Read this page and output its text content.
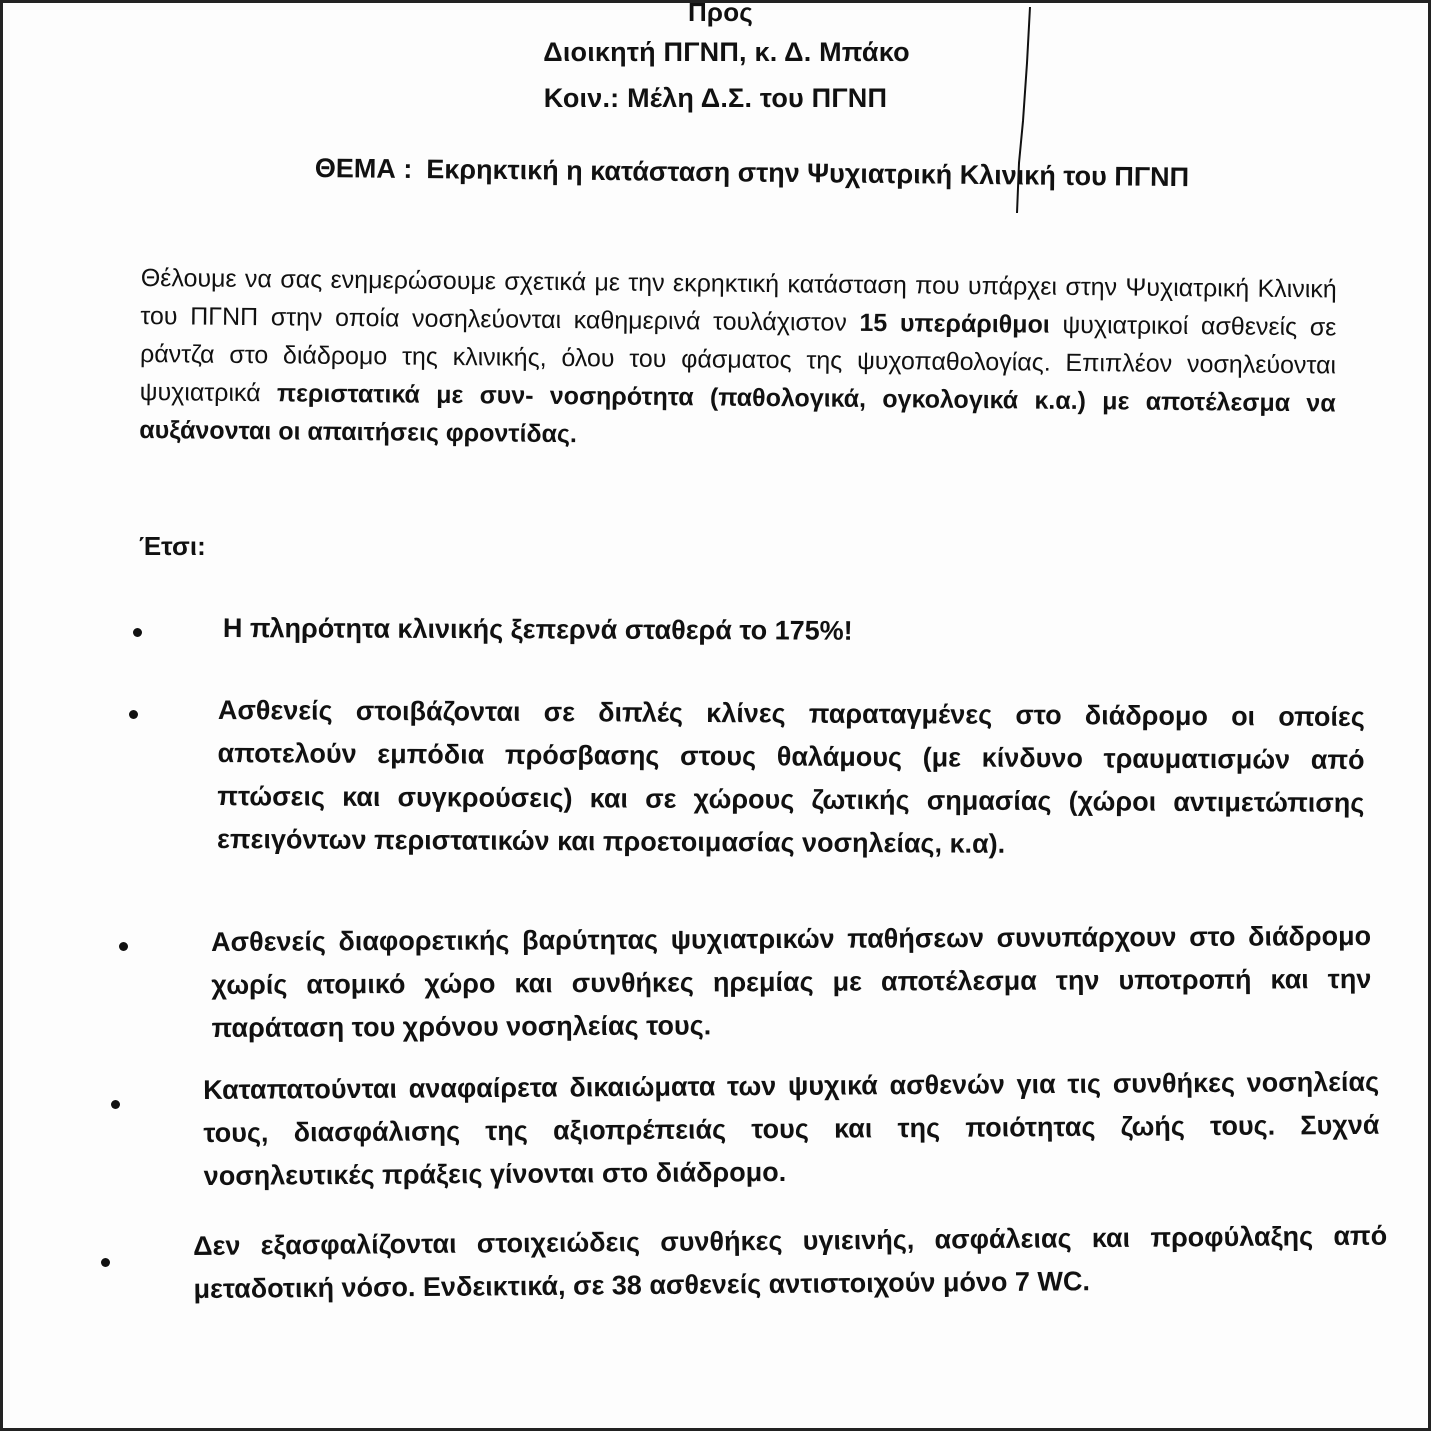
Προς
Διοικητή ΠΓΝΠ, κ. Δ. Μπάκο
Κοιν.: Μέλη Δ.Σ. του ΠΓΝΠ
ΘΕΜΑ : Εκρηκτική η κατάσταση στην Ψυχιατρική Κλινική του ΠΓΝΠ
Θέλουμε να σας ενημερώσουμε σχετικά με την εκρηκτική κατάσταση που υπάρχει στην Ψυχιατρική Κλινική του ΠΓΝΠ στην οποία νοσηλεύονται καθημερινά τουλάχιστον 15 υπεράριθμοι ψυχιατρικοί ασθενείς σε ράντζα στο διάδρομο της κλινικής, όλου του φάσματος της ψυχοπαθολογίας. Επιπλέον νοσηλεύονται ψυχιατρικά περιστατικά με συν- νοσηρότητα (παθολογικά, ογκολογικά κ.α.) με αποτέλεσμα να αυξάνονται οι απαιτήσεις φροντίδας.
Έτσι:
Η πληρότητα κλινικής ξεπερνά σταθερά το 175%!
Ασθενείς στοιβάζονται σε διπλές κλίνες παραταγμένες στο διάδρομο οι οποίες αποτελούν εμπόδια πρόσβασης στους θαλάμους (με κίνδυνο τραυματισμών από πτώσεις και συγκρούσεις) και σε χώρους ζωτικής σημασίας (χώροι αντιμετώπισης επειγόντων περιστατικών και προετοιμασίας νοσηλείας, κ.α).
Ασθενείς διαφορετικής βαρύτητας ψυχιατρικών παθήσεων συνυπάρχουν στο διάδρομο χωρίς ατομικό χώρο και συνθήκες ηρεμίας με αποτέλεσμα την υποτροπή και την παράταση του χρόνου νοσηλείας τους.
Καταπατούνται αναφαίρετα δικαιώματα των ψυχικά ασθενών για τις συνθήκες νοσηλείας τους, διασφάλισης της αξιοπρέπειάς τους και της ποιότητας ζωής τους. Συχνά νοσηλευτικές πράξεις γίνονται στο διάδρομο.
Δεν εξασφαλίζονται στοιχειώδεις συνθήκες υγιεινής, ασφάλειας και προφύλαξης από μεταδοτική νόσο. Ενδεικτικά, σε 38 ασθενείς αντιστοιχούν μόνο 7 WC.
